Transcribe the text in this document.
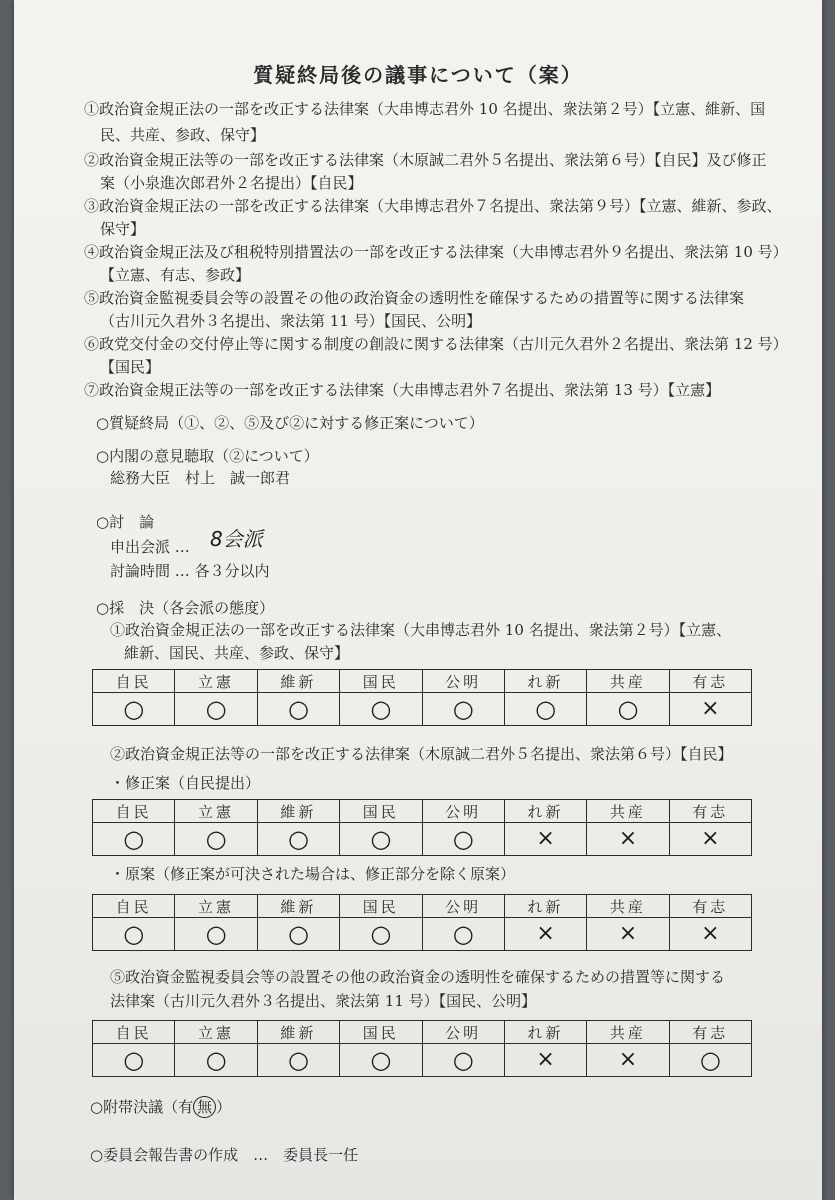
質疑終局後の議事について（案）
①政治資金規正法の一部を改正する法律案（大串博志君外 10 名提出、衆法第２号）【立憲、維新、国
民、共産、参政、保守】
②政治資金規正法等の一部を改正する法律案（木原誠二君外５名提出、衆法第６号）【自民】及び修正
案（小泉進次郎君外２名提出）【自民】
③政治資金規正法の一部を改正する法律案（大串博志君外７名提出、衆法第９号）【立憲、維新、参政、
保守】
④政治資金規正法及び租税特別措置法の一部を改正する法律案（大串博志君外９名提出、衆法第 10 号）
【立憲、有志、参政】
⑤政治資金監視委員会等の設置その他の政治資金の透明性を確保するための措置等に関する法律案
（古川元久君外３名提出、衆法第 11 号）【国民、公明】
⑥政党交付金の交付停止等に関する制度の創設に関する法律案（古川元久君外２名提出、衆法第 12 号）
【国民】
⑦政治資金規正法等の一部を改正する法律案（大串博志君外７名提出、衆法第 13 号）【立憲】
○質疑終局（①、②、⑤及び②に対する修正案について）
○内閣の意見聴取（②について）
総務大臣　村上　誠一郎君
○討　論
申出会派 … 8会派
討論時間 … 各３分以内
○採　決（各会派の態度）
①政治資金規正法の一部を改正する法律案（大串博志君外 10 名提出、衆法第２号）【立憲、
維新、国民、共産、参政、保守】
自民	立憲	維新	国民	公明	れ新	共産	有志
○	○	○	○	○	○	○	×
②政治資金規正法等の一部を改正する法律案（木原誠二君外５名提出、衆法第６号）【自民】
・修正案（自民提出）
自民	立憲	維新	国民	公明	れ新	共産	有志
○	○	○	○	○	×	×	×
・原案（修正案が可決された場合は、修正部分を除く原案）
自民	立憲	維新	国民	公明	れ新	共産	有志
○	○	○	○	○	×	×	×
⑤政治資金監視委員会等の設置その他の政治資金の透明性を確保するための措置等に関する
法律案（古川元久君外３名提出、衆法第 11 号）【国民、公明】
自民	立憲	維新	国民	公明	れ新	共産	有志
○	○	○	○	○	×	×	○
○附帯決議（有 無 ）
○委員会報告書の作成　…　委員長一任
